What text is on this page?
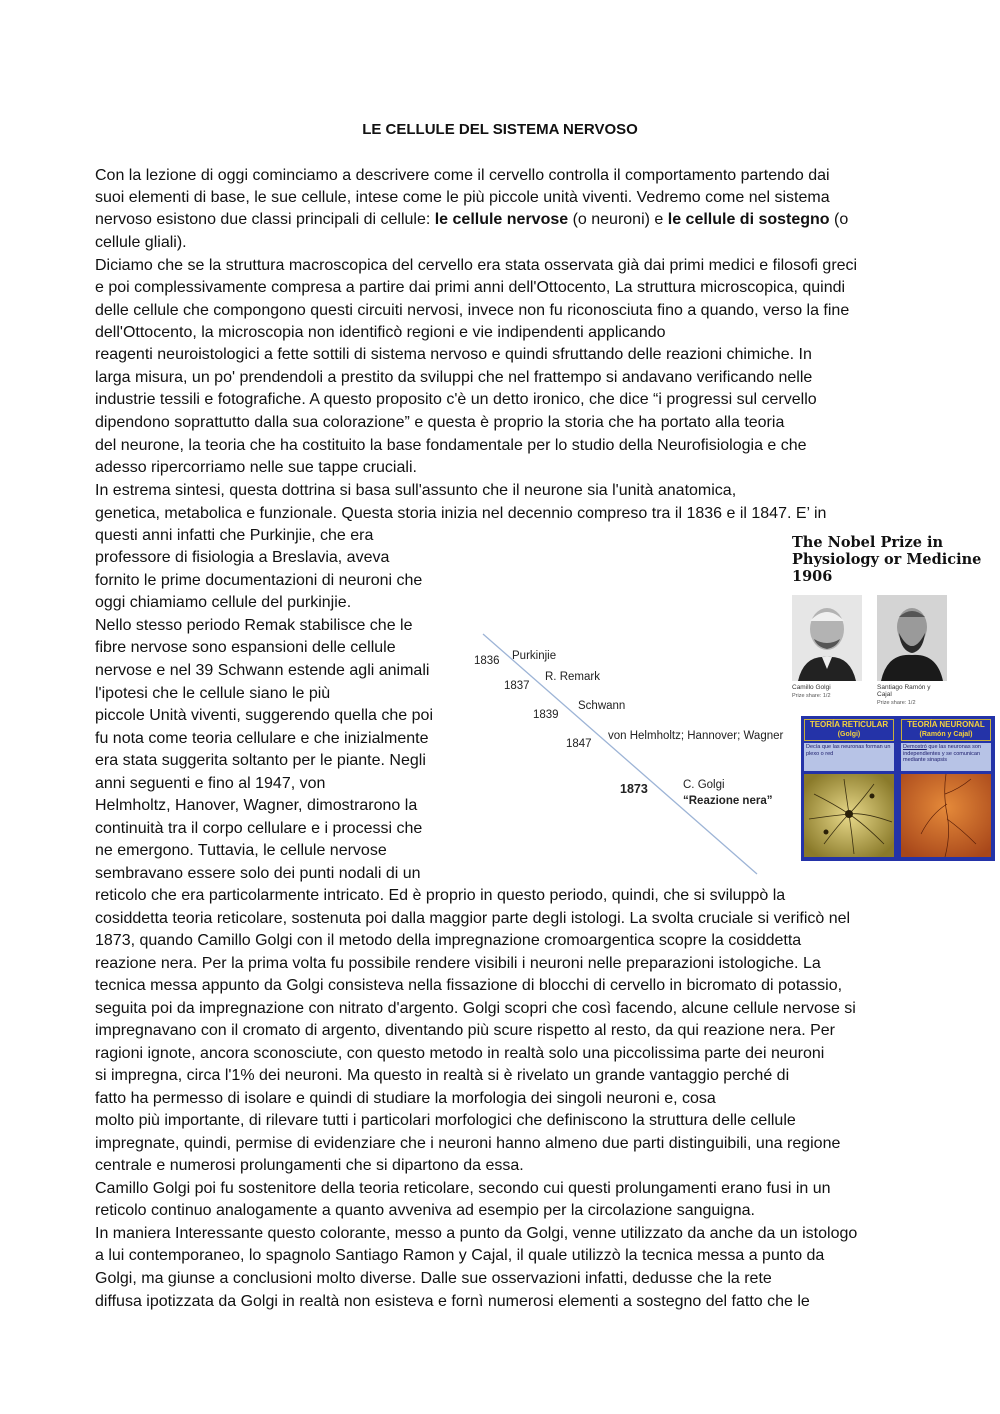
LE CELLULE DEL SISTEMA NERVOSO
Con la lezione di oggi cominciamo a descrivere come il cervello controlla il comportamento partendo dai
suoi elementi di base, le sue cellule, intese come le più piccole unità viventi. Vedremo come nel sistema
nervoso esistono due classi principali di cellule: le cellule nervose (o neuroni) e le cellule di sostegno (o
cellule gliali).
Diciamo che se la struttura macroscopica del cervello era stata osservata già dai primi medici e filosofi greci
e poi complessivamente compresa a partire dai primi anni dell'Ottocento, La struttura microscopica, quindi
delle cellule che compongono questi circuiti nervosi, invece non fu riconosciuta fino a quando, verso la fine
dell'Ottocento, la microscopia non identificò regioni e vie indipendenti applicando
reagenti neuroistologici a fette sottili di sistema nervoso e quindi sfruttando delle reazioni chimiche. In
larga misura, un po' prendendoli a prestito da sviluppi che nel frattempo si andavano verificando nelle
industrie tessili e fotografiche. A questo proposito c'è un detto ironico, che dice “i progressi sul cervello
dipendono soprattutto dalla sua colorazione” e questa è proprio la storia che ha portato alla teoria
del neurone, la teoria che ha costituito la base fondamentale per lo studio della Neurofisiologia e che
adesso ripercorriamo nelle sue tappe cruciali.
In estrema sintesi, questa dottrina si basa sull'assunto che il neurone sia l'unità anatomica,
genetica, metabolica e funzionale. Questa storia inizia nel decennio compreso tra il 1836 e il 1847. E’ in
questi anni infatti che Purkinjie, che era
professore di fisiologia a Breslavia, aveva
fornito le prime documentazioni di neuroni che
oggi chiamiamo cellule del purkinjie.
Nello stesso periodo Remak stabilisce che le
fibre nervose sono espansioni delle cellule
nervose e nel 39 Schwann estende agli animali
l'ipotesi che le cellule siano le più
piccole Unità viventi, suggerendo quella che poi
fu nota come teoria cellulare e che inizialmente
era stata suggerita soltanto per le piante. Negli
anni seguenti e fino al 1947, von
Helmholtz, Hanover, Wagner, dimostrarono la
continuità tra il corpo cellulare e i processi che
ne emergono. Tuttavia, le cellule nervose
sembravano essere solo dei punti nodali di un
reticolo che era particolarmente intricato. Ed è proprio in questo periodo, quindi, che si sviluppò la
cosiddetta teoria reticolare, sostenuta poi dalla maggior parte degli istologi. La svolta cruciale si verificò nel
1873, quando Camillo Golgi con il metodo della impregnazione cromoargentica scopre la cosiddetta
reazione nera. Per la prima volta fu possibile rendere visibili i neuroni nelle preparazioni istologiche. La
tecnica messa appunto da Golgi consisteva nella fissazione di blocchi di cervello in bicromato di potassio,
seguita poi da impregnazione con nitrato d'argento. Golgi scopri che così facendo, alcune cellule nervose si
impregnavano con il cromato di argento, diventando più scure rispetto al resto, da qui reazione nera. Per
ragioni ignote, ancora sconosciute, con questo metodo in realtà solo una piccolissima parte dei neuroni
si impregna, circa l'1% dei neuroni. Ma questo in realtà si è rivelato un grande vantaggio perché di
fatto ha permesso di isolare e quindi di studiare la morfologia dei singoli neuroni e, cosa
molto più importante, di rilevare tutti i particolari morfologici che definiscono la struttura delle cellule
impregnate, quindi, permise di evidenziare che i neuroni hanno almeno due parti distinguibili, una regione
centrale e numerosi prolungamenti che si dipartono da essa.
Camillo Golgi poi fu sostenitore della teoria reticolare, secondo cui questi prolungamenti erano fusi in un
reticolo continuo analogamente a quanto avveniva ad esempio per la circolazione sanguigna.
In maniera Interessante questo colorante, messo a punto da Golgi, venne utilizzato da anche da un istologo
a lui contemporaneo, lo spagnolo Santiago Ramon y Cajal, il quale utilizzò la tecnica messa a punto da
Golgi, ma giunse a conclusioni molto diverse. Dalle sue osservazioni infatti, dedusse che la rete
diffusa ipotizzata da Golgi in realtà non esisteva e fornì numerosi elementi a sostegno del fatto che le
1836 Purkinjie
1837
R. Remark
1839
Schwann
1847
von Helmholtz; Hannover; Wagner
1873	C. Golgi
“Reazione nera”
The Nobel Prize in
Physiology or Medicine
1906
Camillo Golgi
Prize share: 1/2
Santiago Ramón y
Cajal
Prize share: 1/2
TEORÍA RETICULAR
(Golgi)
TEORÍA NEURONAL
(Ramón y Cajal)
Decía que las neuronas forman un plexo o red
Demostró que las neuronas son independientes y se comunican mediante sinapsis
